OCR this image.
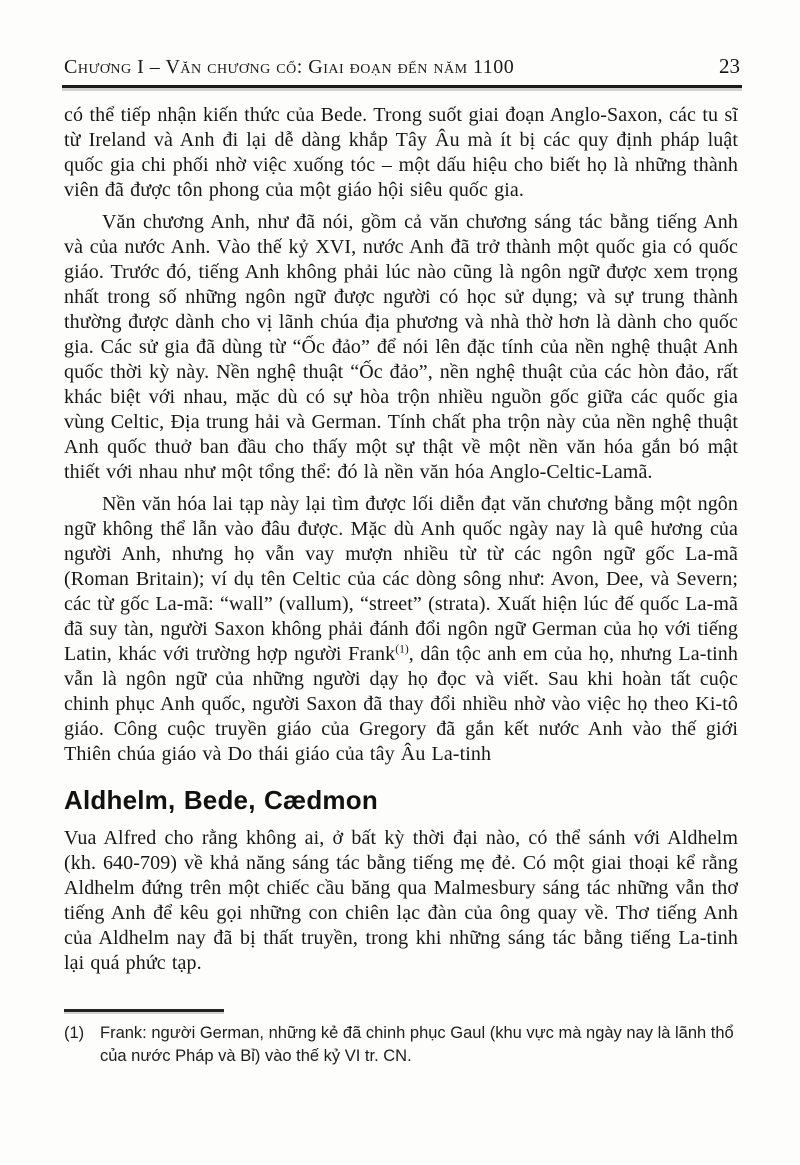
Chương I – Văn chương cổ: Giai đoạn đến năm 1100	23

có thể tiếp nhận kiến thức của Bede. Trong suốt giai đoạn Anglo-Saxon, các tu sĩ từ Ireland và Anh đi lại dễ dàng khắp Tây Âu mà ít bị các quy định pháp luật quốc gia chi phối nhờ việc xuống tóc – một dấu hiệu cho biết họ là những thành viên đã được tôn phong của một giáo hội siêu quốc gia.

Văn chương Anh, như đã nói, gồm cả văn chương sáng tác bằng tiếng Anh và của nước Anh. Vào thế kỷ XVI, nước Anh đã trở thành một quốc gia có quốc giáo. Trước đó, tiếng Anh không phải lúc nào cũng là ngôn ngữ được xem trọng nhất trong số những ngôn ngữ được người có học sử dụng; và sự trung thành thường được dành cho vị lãnh chúa địa phương và nhà thờ hơn là dành cho quốc gia. Các sử gia đã dùng từ “Ốc đảo” để nói lên đặc tính của nền nghệ thuật Anh quốc thời kỳ này. Nền nghệ thuật “Ốc đảo”, nền nghệ thuật của các hòn đảo, rất khác biệt với nhau, mặc dù có sự hòa trộn nhiều nguồn gốc giữa các quốc gia vùng Celtic, Địa trung hải và German. Tính chất pha trộn này của nền nghệ thuật Anh quốc thuở ban đầu cho thấy một sự thật về một nền văn hóa gắn bó mật thiết với nhau như một tổng thể: đó là nền văn hóa Anglo-Celtic-Lamã.

Nền văn hóa lai tạp này lại tìm được lối diễn đạt văn chương bằng một ngôn ngữ không thể lẫn vào đâu được. Mặc dù Anh quốc ngày nay là quê hương của người Anh, nhưng họ vẫn vay mượn nhiều từ từ các ngôn ngữ gốc La-mã (Roman Britain); ví dụ tên Celtic của các dòng sông như: Avon, Dee, và Severn; các từ gốc La-mã: “wall” (vallum), “street” (strata). Xuất hiện lúc đế quốc La-mã đã suy tàn, người Saxon không phải đánh đổi ngôn ngữ German của họ với tiếng Latin, khác với trường hợp người Frank$^{(1)}$, dân tộc anh em của họ, nhưng La-tinh vẫn là ngôn ngữ của những người dạy họ đọc và viết. Sau khi hoàn tất cuộc chinh phục Anh quốc, người Saxon đã thay đổi nhiều nhờ vào việc họ theo Ki-tô giáo. Công cuộc truyền giáo của Gregory đã gắn kết nước Anh vào thế giới Thiên chúa giáo và Do thái giáo của tây Âu La-tinh

Aldhelm, Bede, Cædmon

Vua Alfred cho rằng không ai, ở bất kỳ thời đại nào, có thể sánh với Aldhelm (kh. 640-709) về khả năng sáng tác bằng tiếng mẹ đẻ. Có một giai thoại kể rằng Aldhelm đứng trên một chiếc cầu băng qua Malmesbury sáng tác những vẫn thơ tiếng Anh để kêu gọi những con chiên lạc đàn của ông quay về. Thơ tiếng Anh của Aldhelm nay đã bị thất truyền, trong khi những sáng tác bằng tiếng La-tinh lại quá phức tạp.

(1) Frank: người German, những kẻ đã chinh phục Gaul (khu vực mà ngày nay là lãnh thổ của nước Pháp và Bỉ) vào thế kỷ VI tr. CN.
